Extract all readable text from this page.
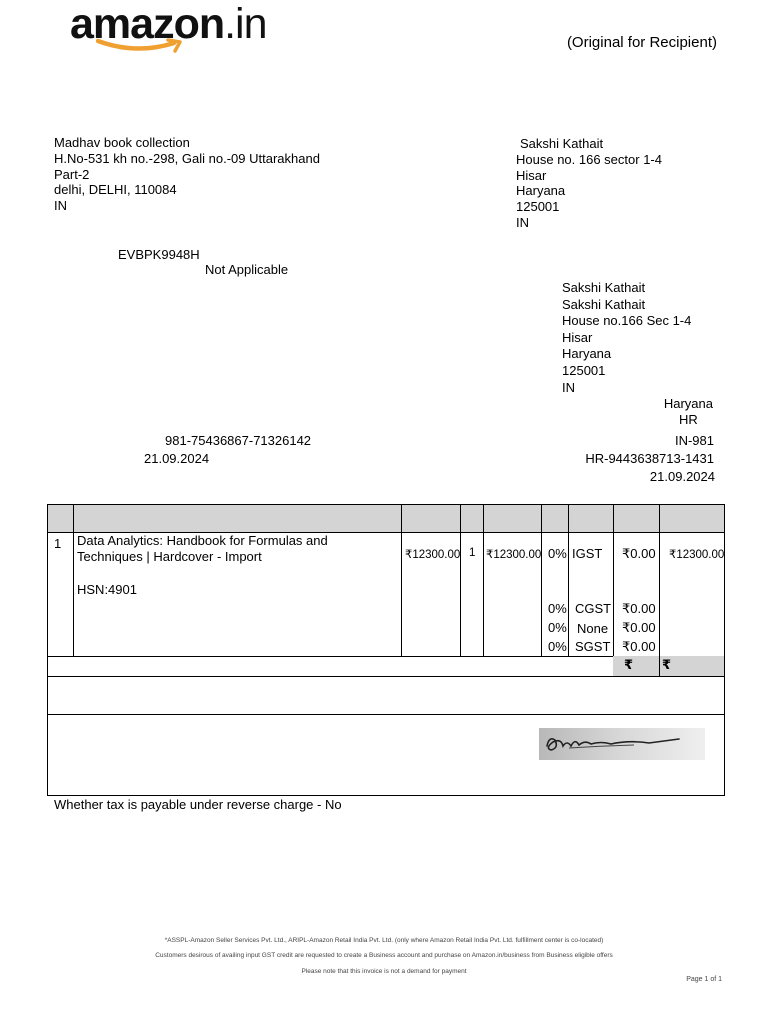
amazon.in	(Original for Recipient)
Madhav book collection
H.No-531 kh no.-298, Gali no.-09 Uttarakhand
Part-2
delhi, DELHI, 110084
IN
Sakshi Kathait
House no. 166 sector 1-4
Hisar
Haryana
125001
IN
EVBPK9948H
Not Applicable
Sakshi Kathait
Sakshi Kathait
House no.166 Sec 1-4
Hisar
Haryana
125001
IN
Haryana
HR
981-75436867-71326142
21.09.2024
IN-981
HR-9443638713-1431
21.09.2024
1 Data Analytics: Handbook for Formulas and
Techniques | Hardcover - Import
HSN:4901
₹12300.00 1 ₹12300.00	₹12300.00
0% IGST ₹0.00
0% CGST ₹0.00
0% None ₹0.00
0% SGST ₹0.00
₹ ₹
Whether tax is payable under reverse charge - No
*ASSPL-Amazon Seller Services Pvt. Ltd., ARIPL-Amazon Retail India Pvt. Ltd. (only where Amazon Retail India Pvt. Ltd. fulfillment center is co-located)
Customers desirous of availing input GST credit are requested to create a Business account and purchase on Amazon.in/business from Business eligible offers
Please note that this invoice is not a demand for payment
Page 1 of 1
